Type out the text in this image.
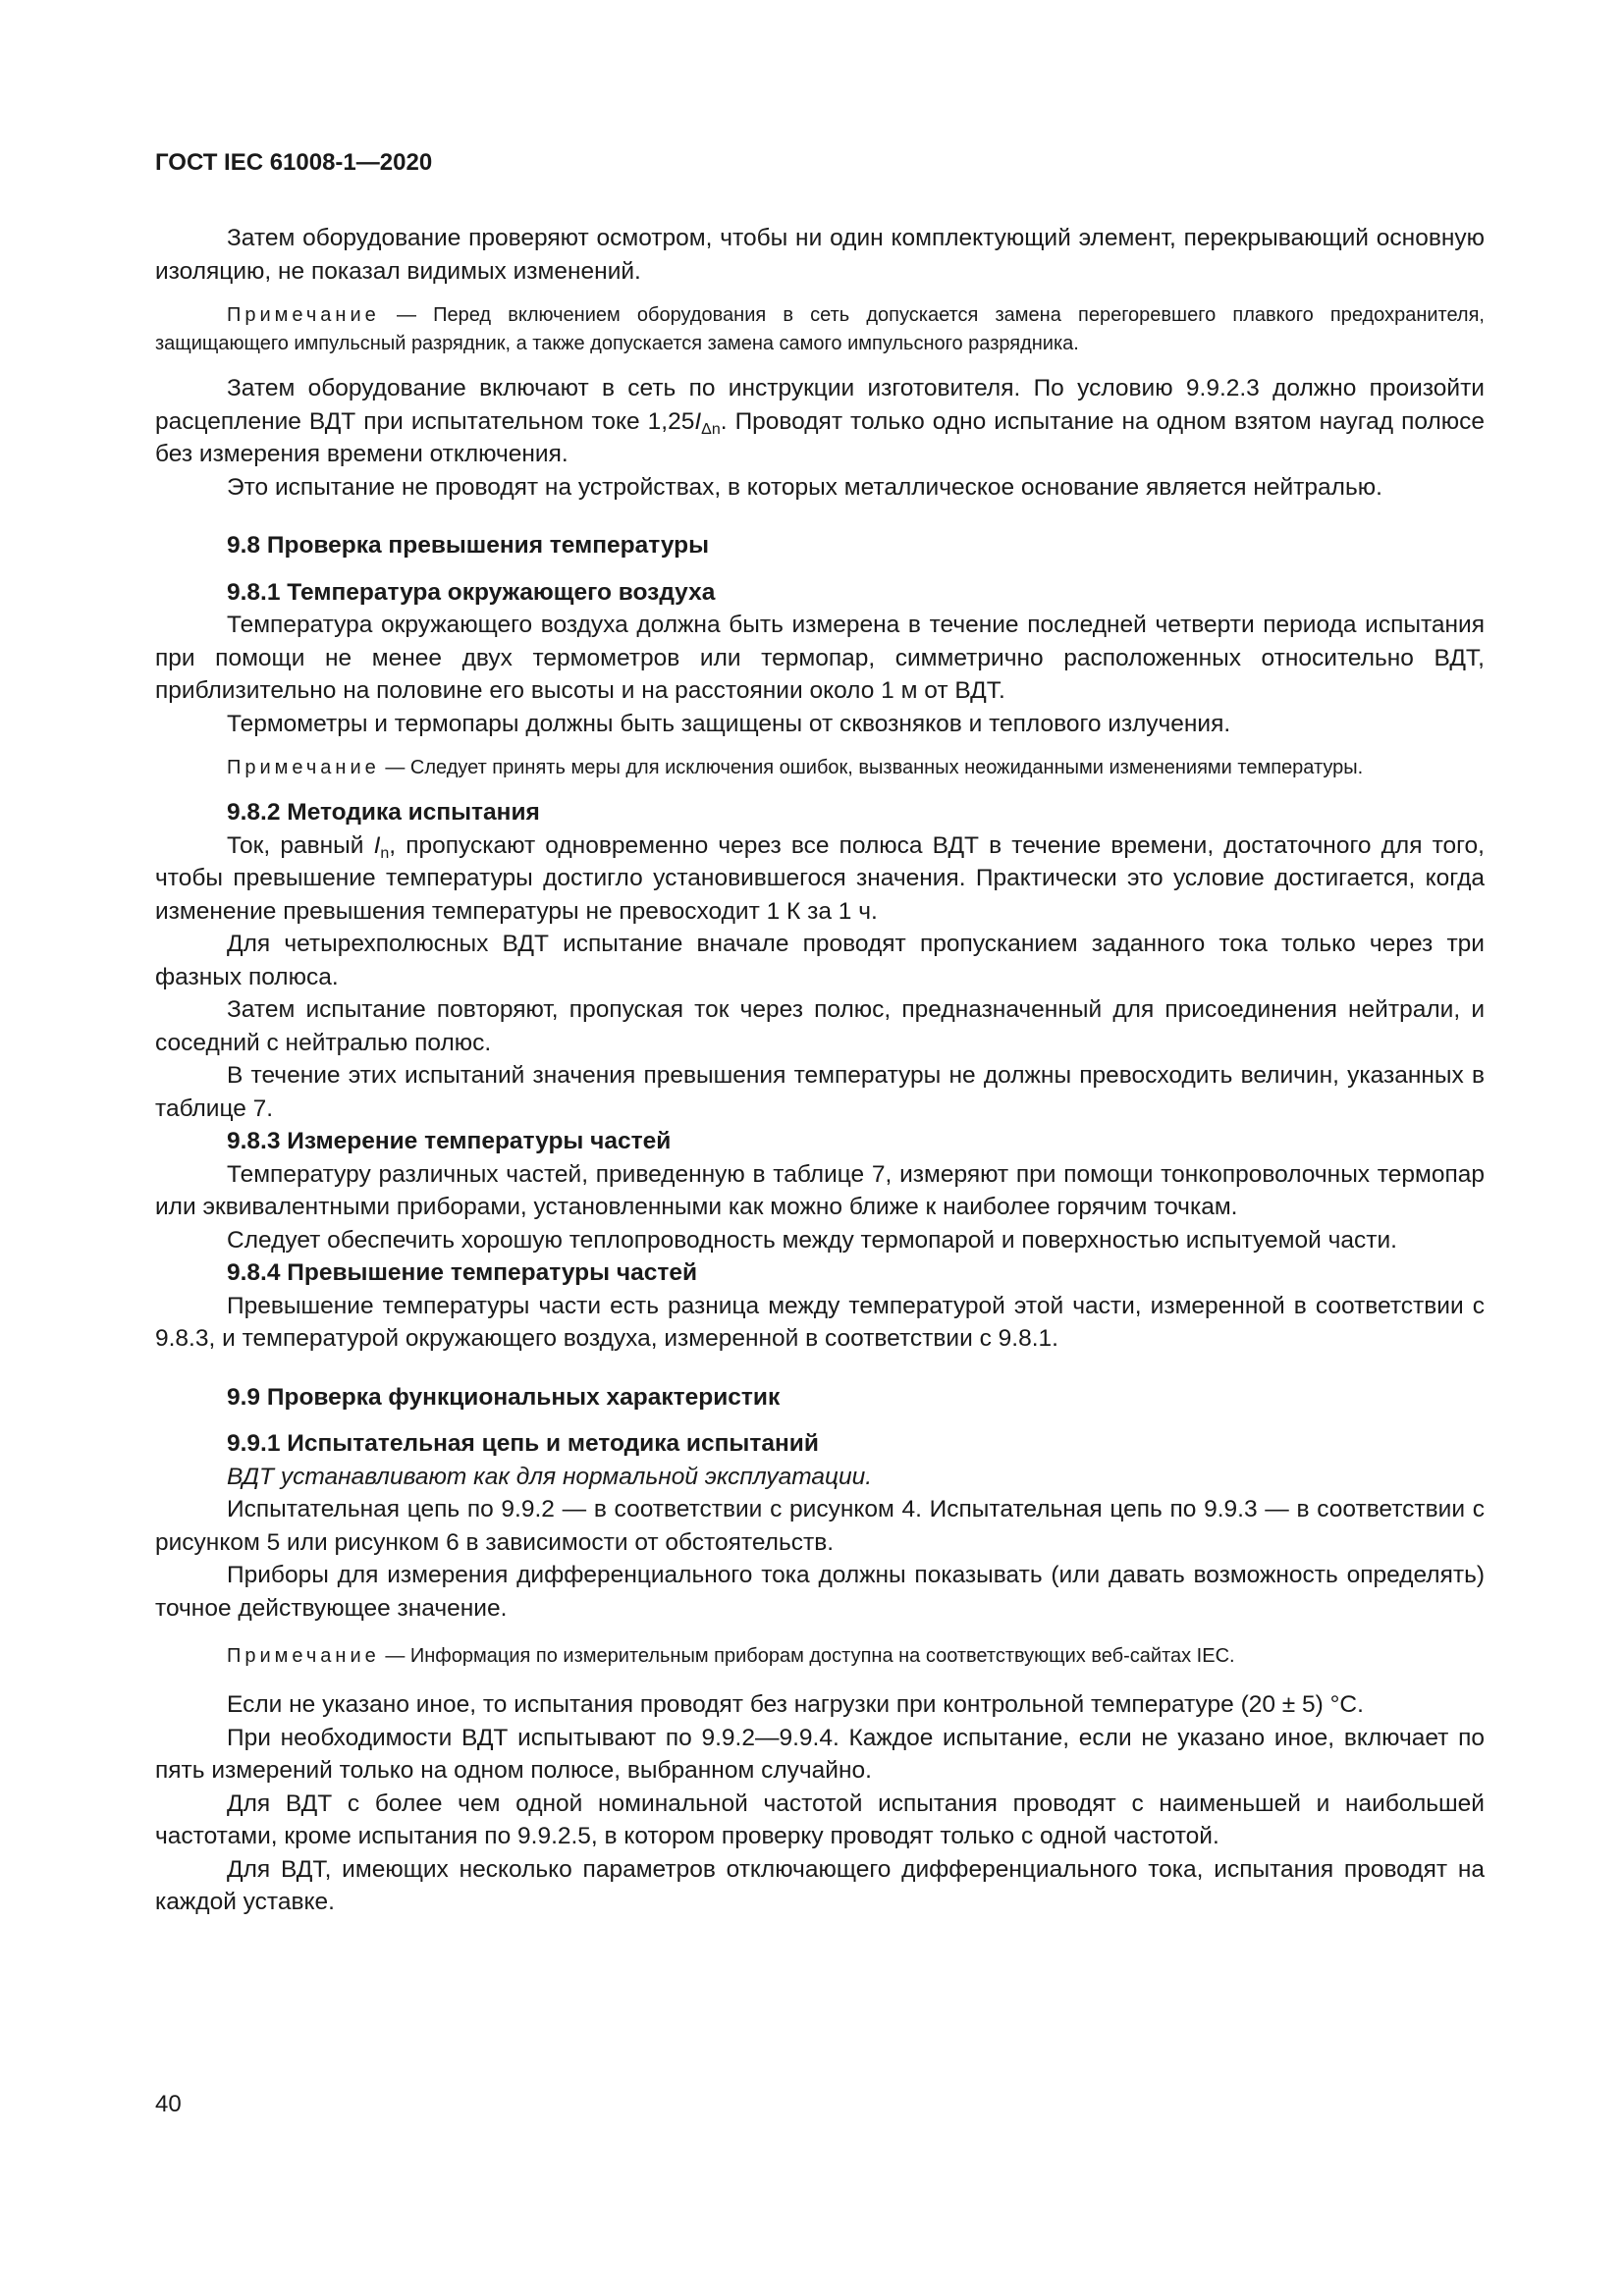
ГОСТ IEC 61008-1—2020

Затем оборудование проверяют осмотром, чтобы ни один комплектующий элемент, перекрывающий основную изоляцию, не показал видимых изменений.

Примечание — Перед включением оборудования в сеть допускается замена перегоревшего плавкого предохранителя, защищающего импульсный разрядник, а также допускается замена самого импульсного разрядника.

Затем оборудование включают в сеть по инструкции изготовителя. По условию 9.9.2.3 должно произойти расцепление ВДТ при испытательном токе $1,25I_{\Delta n}$. Проводят только одно испытание на одном взятом наугад полюсе без измерения времени отключения.

Это испытание не проводят на устройствах, в которых металлическое основание является нейтралью.

9.8 Проверка превышения температуры
9.8.1 Температура окружающего воздуха

Температура окружающего воздуха должна быть измерена в течение последней четверти периода испытания при помощи не менее двух термометров или термопар, симметрично расположенных относительно ВДТ, приблизительно на половине его высоты и на расстоянии около 1 м от ВДТ.

Термометры и термопары должны быть защищены от сквозняков и теплового излучения.

Примечание — Следует принять меры для исключения ошибок, вызванных неожиданными изменениями температуры.
9.8.2 Методика испытания

Ток, равный $I_n$, пропускают одновременно через все полюса ВДТ в течение времени, достаточного для того, чтобы превышение температуры достигло установившегося значения. Практически это условие достигается, когда изменение превышения температуры не превосходит 1 К за 1 ч.

Для четырехполюсных ВДТ испытание вначале проводят пропусканием заданного тока только через три фазных полюса.

Затем испытание повторяют, пропуская ток через полюс, предназначенный для присоединения нейтрали, и соседний с нейтралью полюс.

В течение этих испытаний значения превышения температуры не должны превосходить величин, указанных в таблице 7.

9.8.3 Измерение температуры частей

Температуру различных частей, приведенную в таблице 7, измеряют при помощи тонкопроволочных термопар или эквивалентными приборами, установленными как можно ближе к наиболее горячим точкам.

Следует обеспечить хорошую теплопроводность между термопарой и поверхностью испытуемой части.

9.8.4 Превышение температуры частей

Превышение температуры части есть разница между температурой этой части, измеренной в соответствии с 9.8.3, и температурой окружающего воздуха, измеренной в соответствии с 9.8.1.

9.9 Проверка функциональных характеристик
9.9.1 Испытательная цепь и методика испытаний

ВДТ устанавливают как для нормальной эксплуатации.

Испытательная цепь по 9.9.2 — в соответствии с рисунком 4. Испытательная цепь по 9.9.3 — в соответствии с рисунком 5 или рисунком 6 в зависимости от обстоятельств.

Приборы для измерения дифференциального тока должны показывать (или давать возможность определять) точное действующее значение.

Примечание — Информация по измерительным приборам доступна на соответствующих веб-сайтах IEC.

Если не указано иное, то испытания проводят без нагрузки при контрольной температуре (20 ± 5) °C.

При необходимости ВДТ испытывают по 9.9.2—9.9.4. Каждое испытание, если не указано иное, включает по пять измерений только на одном полюсе, выбранном случайно.

Для ВДТ с более чем одной номинальной частотой испытания проводят с наименьшей и наибольшей частотами, кроме испытания по 9.9.2.5, в котором проверку проводят только с одной частотой.

Для ВДТ, имеющих несколько параметров отключающего дифференциального тока, испытания проводят на каждой уставке.

40
